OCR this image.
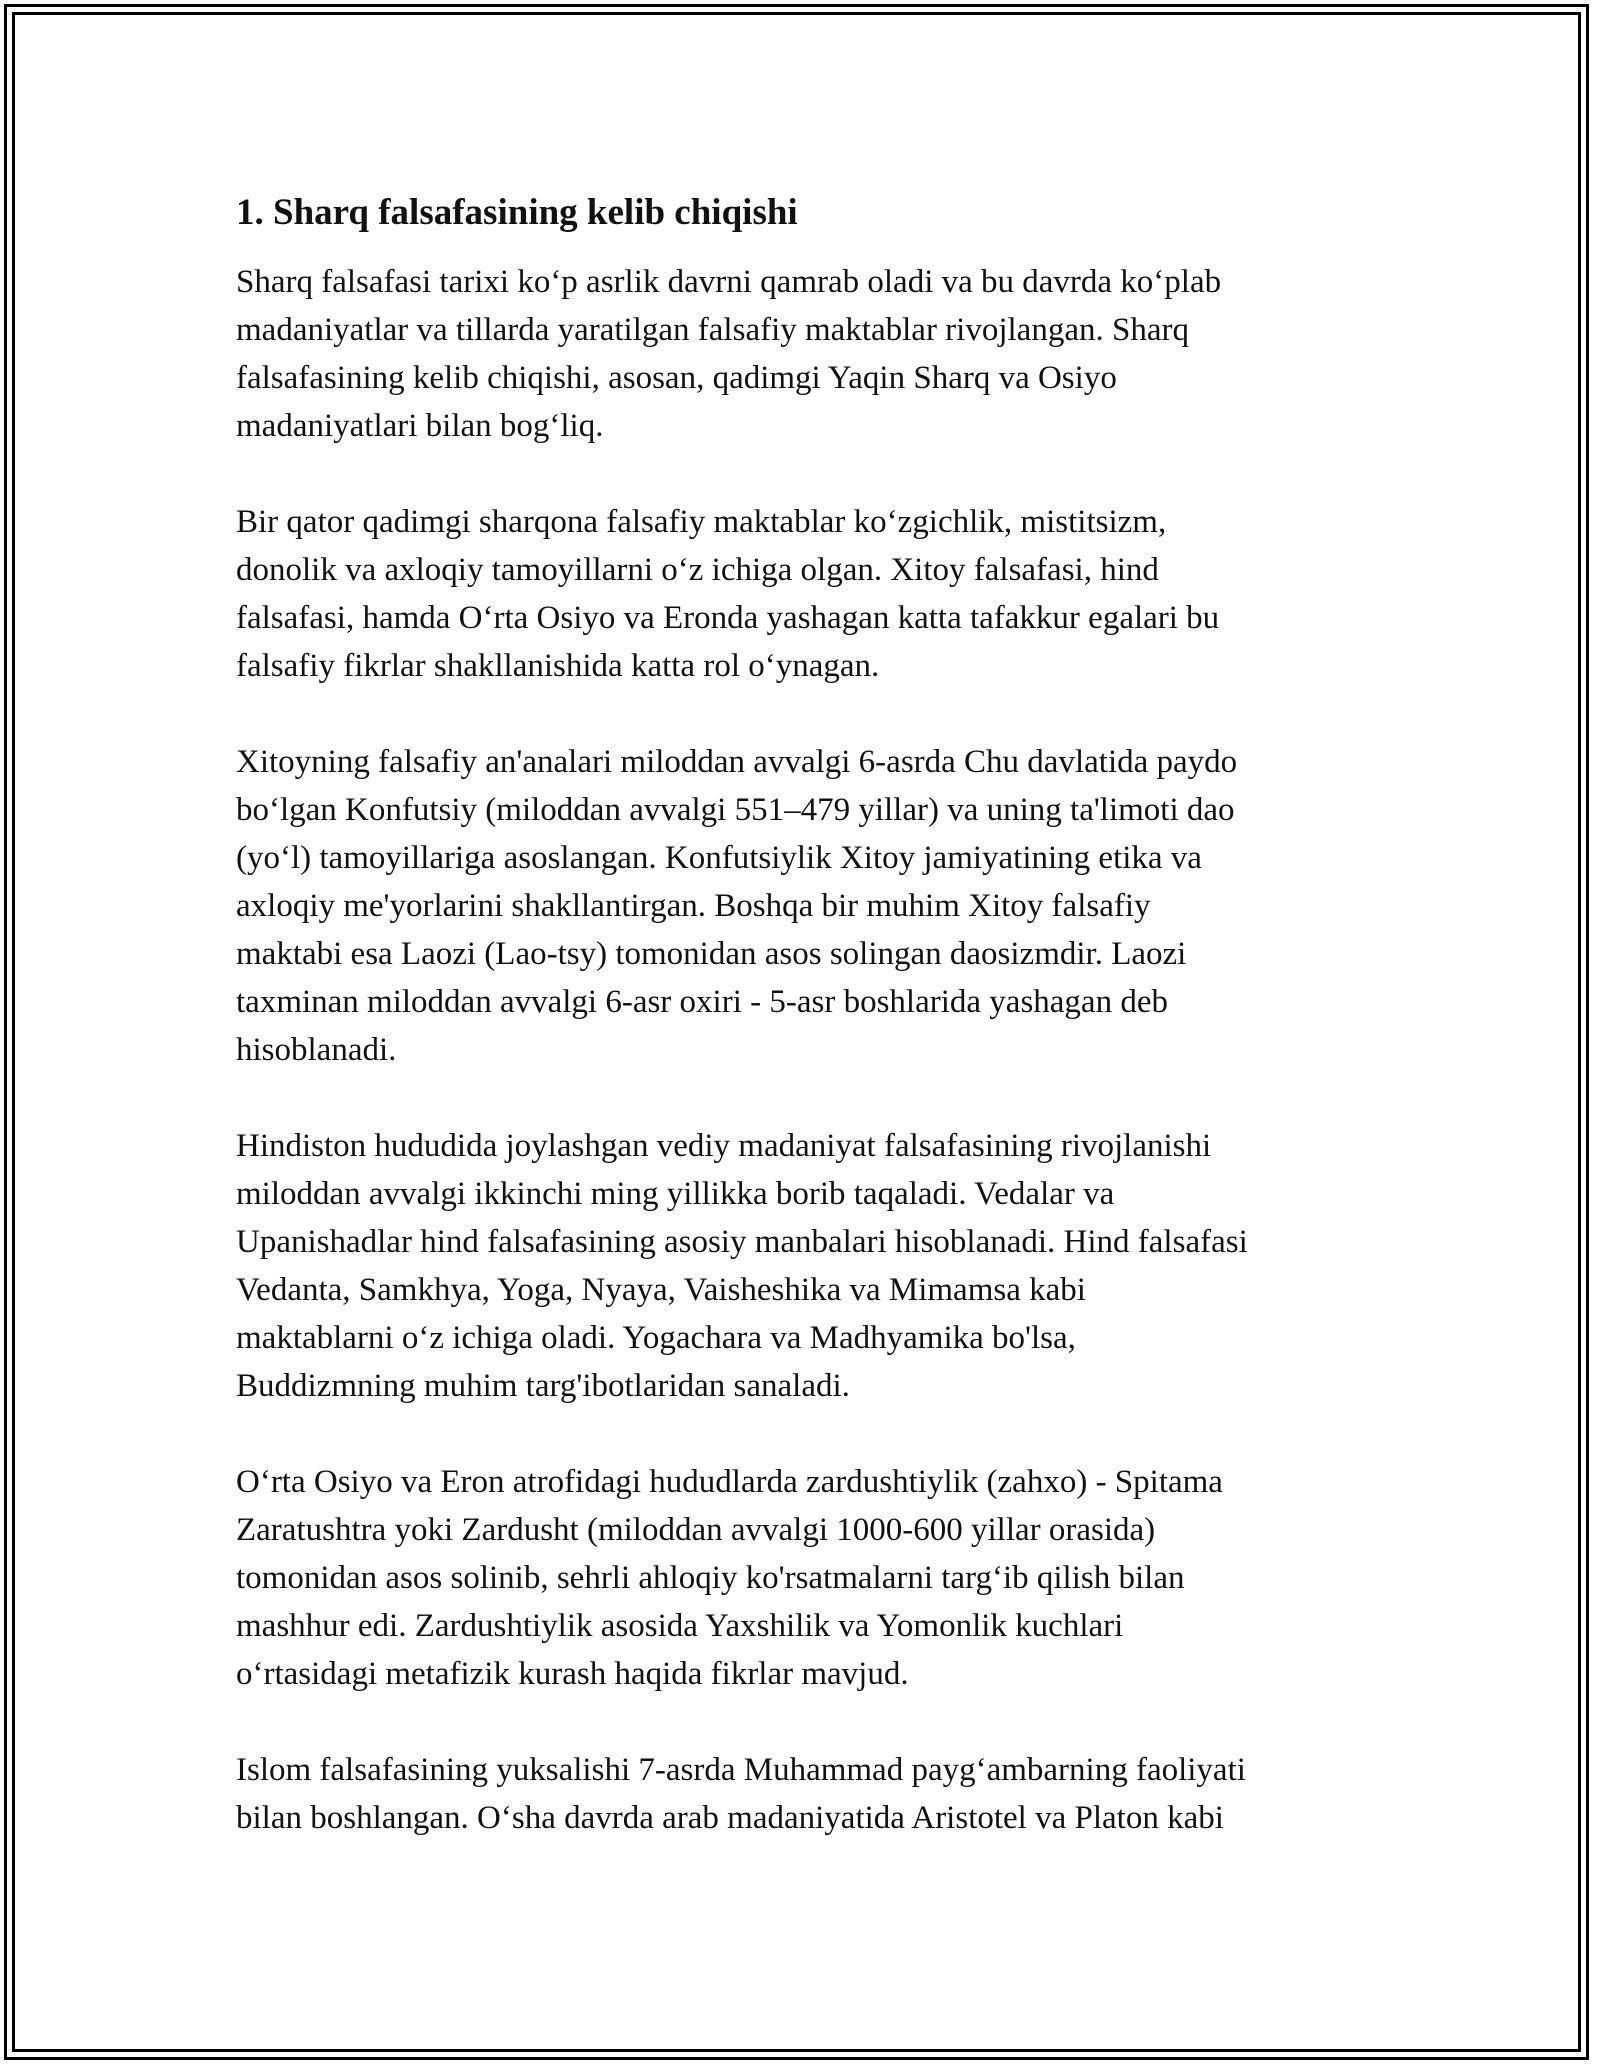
1. Sharq falsafasining kelib chiqishi

Sharq falsafasi tarixi ko‘p asrlik davrni qamrab oladi va bu davrda ko‘plab
madaniyatlar va tillarda yaratilgan falsafiy maktablar rivojlangan. Sharq
falsafasining kelib chiqishi, asosan, qadimgi Yaqin Sharq va Osiyo
madaniyatlari bilan bog‘liq.

Bir qator qadimgi sharqona falsafiy maktablar ko‘zgichlik, mistitsizm,
donolik va axloqiy tamoyillarni o‘z ichiga olgan. Xitoy falsafasi, hind
falsafasi, hamda O‘rta Osiyo va Eronda yashagan katta tafakkur egalari bu
falsafiy fikrlar shakllanishida katta rol o‘ynagan.

Xitoyning falsafiy an'analari miloddan avvalgi 6-asrda Chu davlatida paydo
bo‘lgan Konfutsiy (miloddan avvalgi 551–479 yillar) va uning ta'limoti dao
(yo‘l) tamoyillariga asoslangan. Konfutsiylik Xitoy jamiyatining etika va
axloqiy me'yorlarini shakllantirgan. Boshqa bir muhim Xitoy falsafiy
maktabi esa Laozi (Lao-tsy) tomonidan asos solingan daosizmdir. Laozi
taxminan miloddan avvalgi 6-asr oxiri - 5-asr boshlarida yashagan deb
hisoblanadi.

Hindiston hududida joylashgan vediy madaniyat falsafasining rivojlanishi
miloddan avvalgi ikkinchi ming yillikka borib taqaladi. Vedalar va
Upanishadlar hind falsafasining asosiy manbalari hisoblanadi. Hind falsafasi
Vedanta, Samkhya, Yoga, Nyaya, Vaisheshika va Mimamsa kabi
maktablarni o‘z ichiga oladi. Yogachara va Madhyamika bo'lsa,
Buddizmning muhim targ'ibotlaridan sanaladi.

O‘rta Osiyo va Eron atrofidagi hududlarda zardushtiylik (zahxo) - Spitama
Zaratushtra yoki Zardusht (miloddan avvalgi 1000-600 yillar orasida)
tomonidan asos solinib, sehrli ahloqiy ko'rsatmalarni targ‘ib qilish bilan
mashhur edi. Zardushtiylik asosida Yaxshilik va Yomonlik kuchlari
o‘rtasidagi metafizik kurash haqida fikrlar mavjud.

Islom falsafasining yuksalishi 7-asrda Muhammad payg‘ambarning faoliyati
bilan boshlangan. O‘sha davrda arab madaniyatida Aristotel va Platon kabi
